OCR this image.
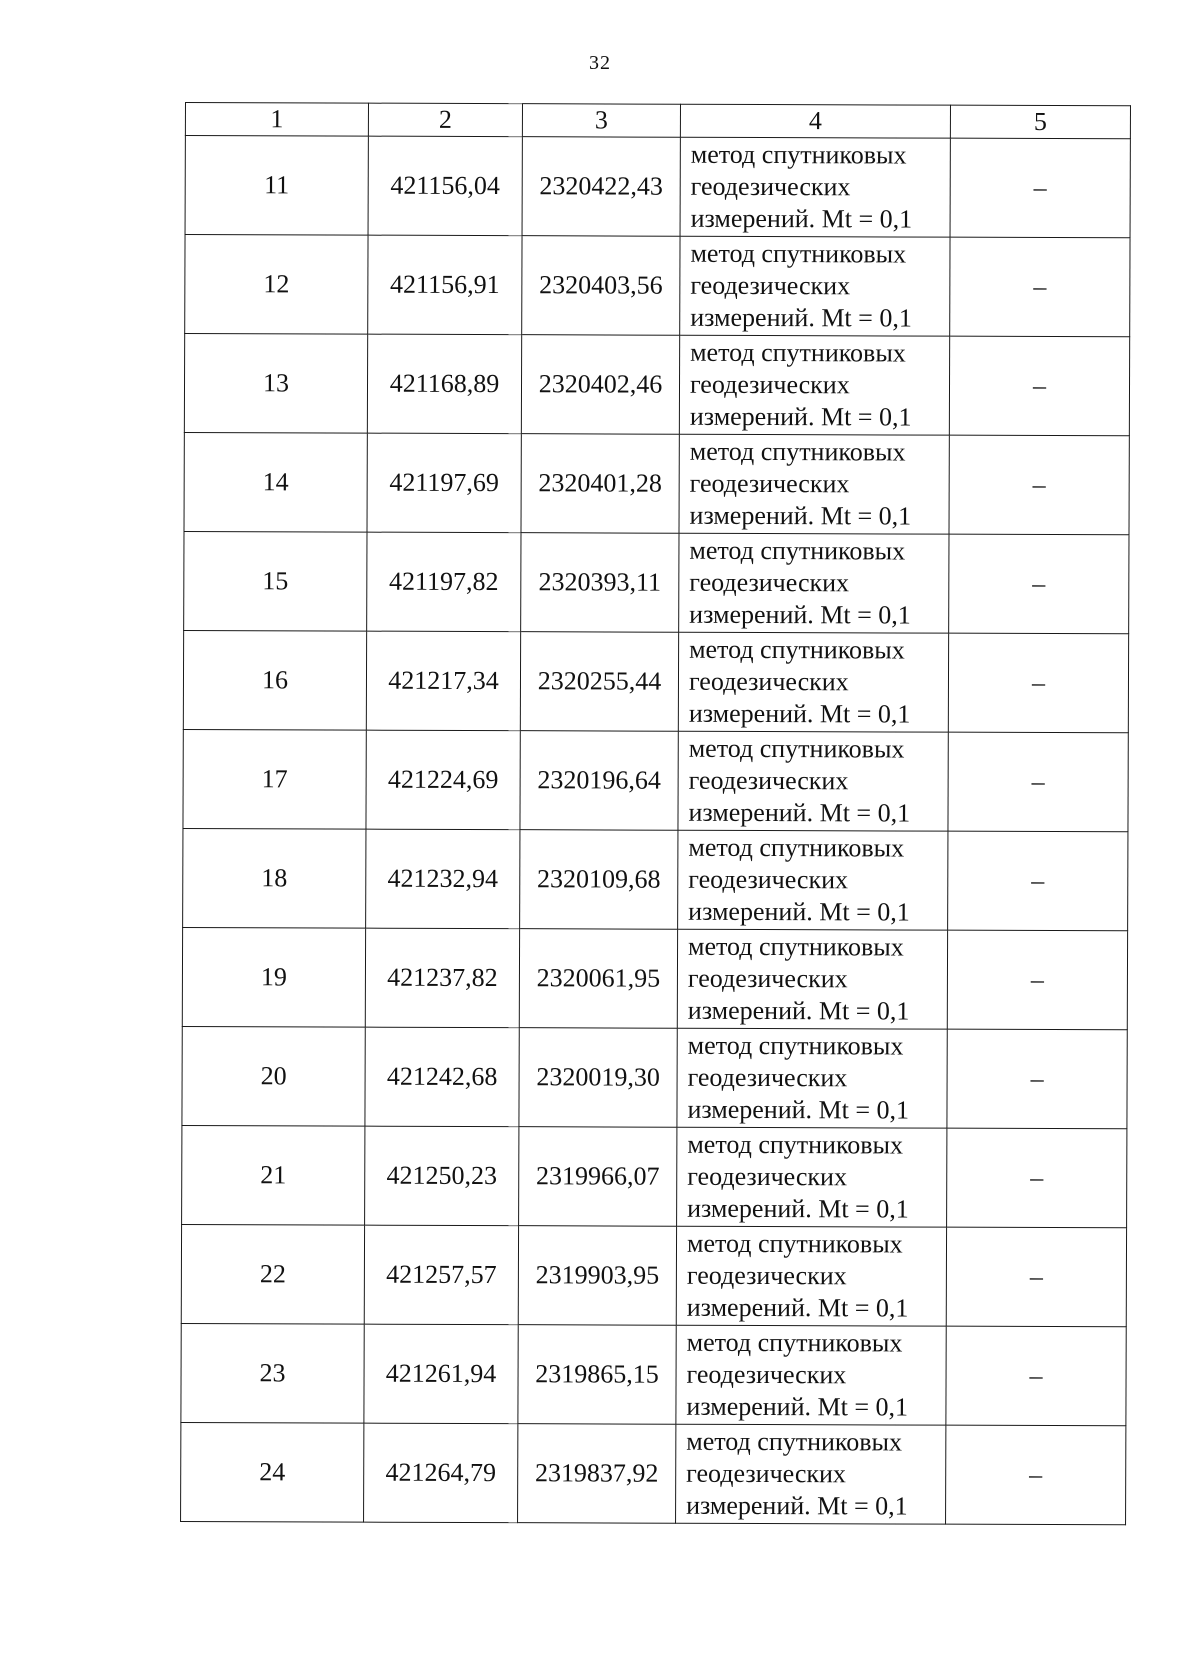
32
1	2	3	4	5
11	421156,04	2320422,43	метод спутниковых
геодезических
измерений. Mt = 0,1	–
12	421156,91	2320403,56	метод спутниковых
геодезических
измерений. Mt = 0,1	–
13	421168,89	2320402,46	метод спутниковых
геодезических
измерений. Mt = 0,1	–
14	421197,69	2320401,28	метод спутниковых
геодезических
измерений. Mt = 0,1	–
15	421197,82	2320393,11	метод спутниковых
геодезических
измерений. Mt = 0,1	–
16	421217,34	2320255,44	метод спутниковых
геодезических
измерений. Mt = 0,1	–
17	421224,69	2320196,64	метод спутниковых
геодезических
измерений. Mt = 0,1	–
18	421232,94	2320109,68	метод спутниковых
геодезических
измерений. Mt = 0,1	–
19	421237,82	2320061,95	метод спутниковых
геодезических
измерений. Mt = 0,1	–
20	421242,68	2320019,30	метод спутниковых
геодезических
измерений. Mt = 0,1	–
21	421250,23	2319966,07	метод спутниковых
геодезических
измерений. Mt = 0,1	–
22	421257,57	2319903,95	метод спутниковых
геодезических
измерений. Mt = 0,1	–
23	421261,94	2319865,15	метод спутниковых
геодезических
измерений. Mt = 0,1	–
24	421264,79	2319837,92	метод спутниковых
геодезических
измерений. Mt = 0,1	–
